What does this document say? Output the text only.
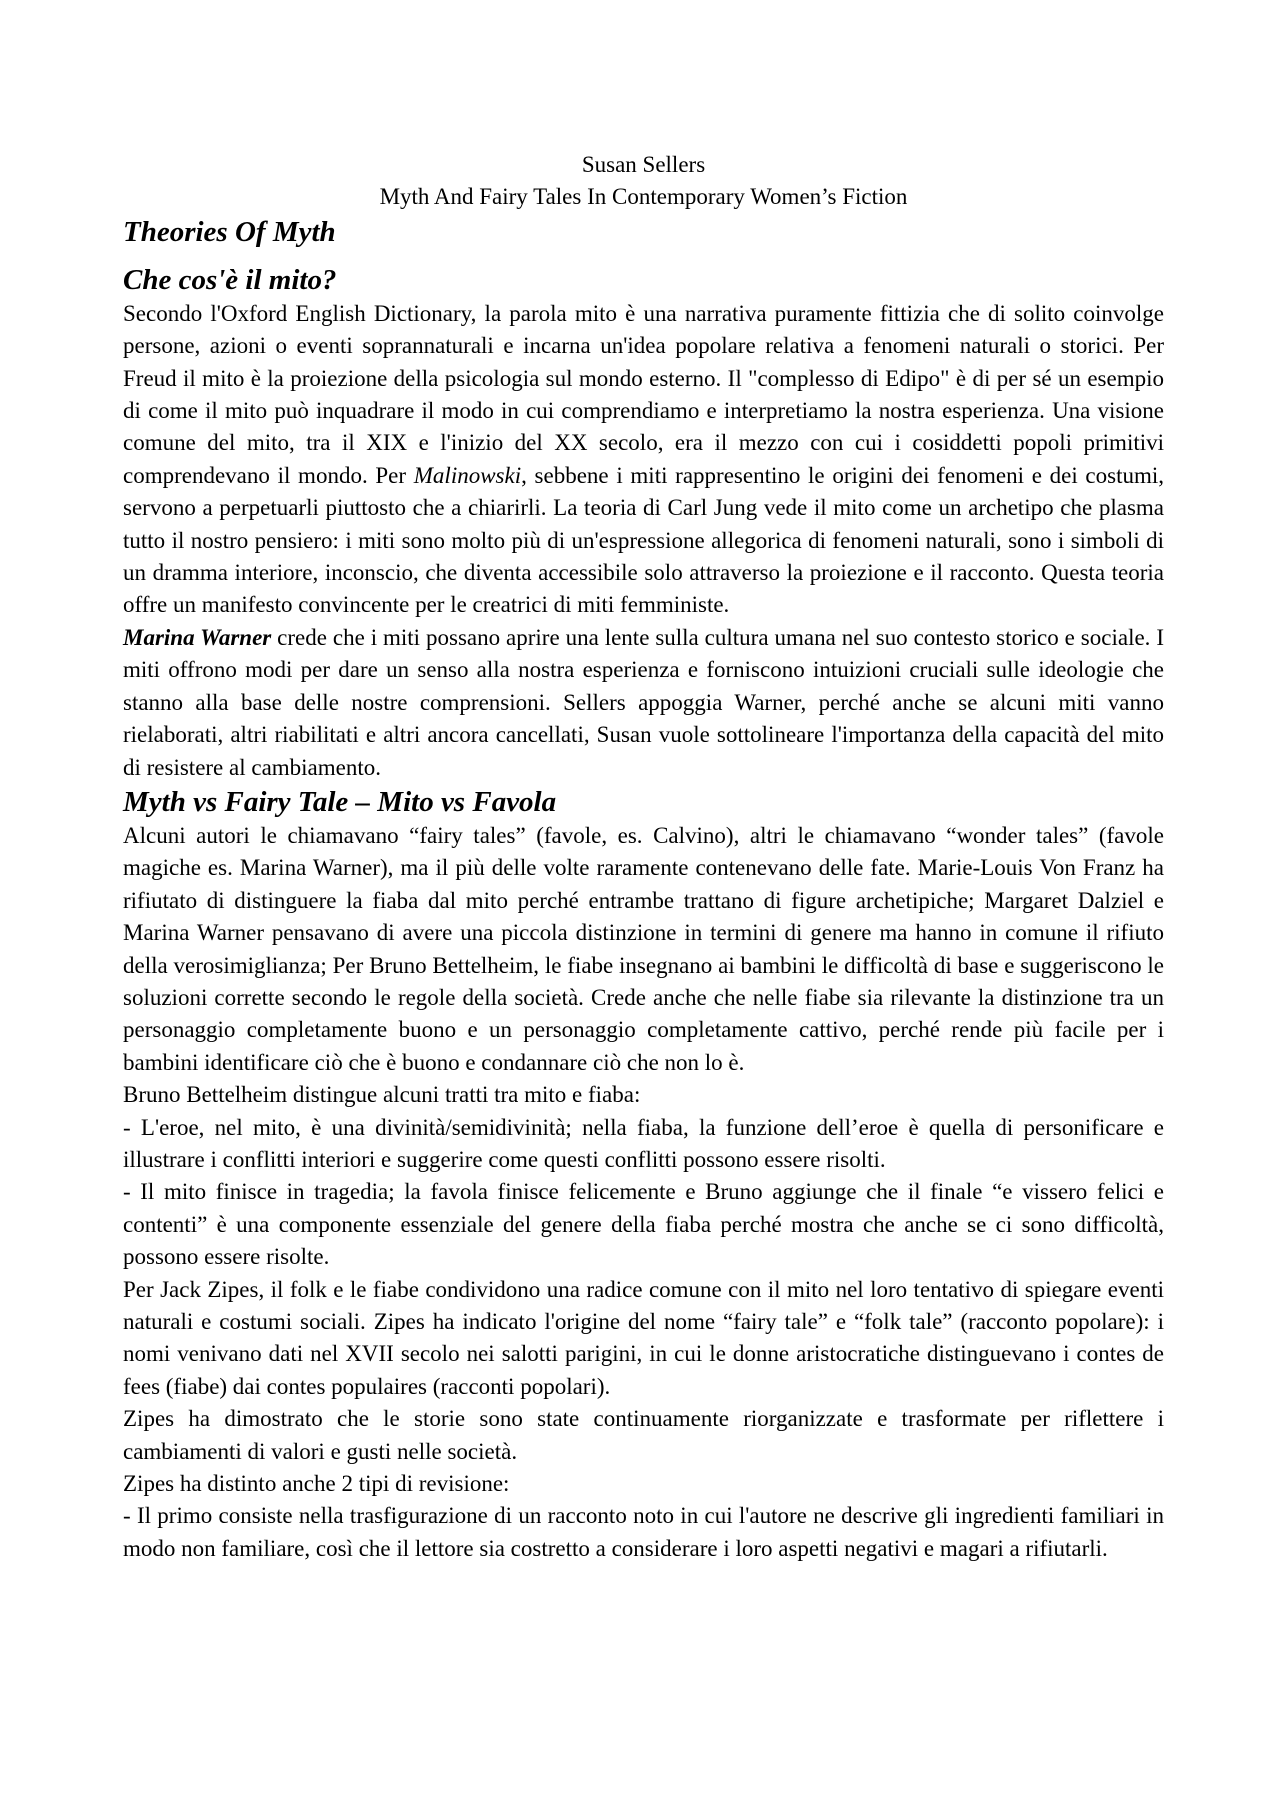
Susan Sellers
Myth And Fairy Tales In Contemporary Women’s Fiction
Theories Of Myth
Che cos'è il mito?

Secondo l'Oxford English Dictionary, la parola mito è una narrativa puramente fittizia che di solito coinvolge persone, azioni o eventi soprannaturali e incarna un'idea popolare relativa a fenomeni naturali o storici. Per Freud il mito è la proiezione della psicologia sul mondo esterno. Il "complesso di Edipo" è di per sé un esempio di come il mito può inquadrare il modo in cui comprendiamo e interpretiamo la nostra esperienza. Una visione comune del mito, tra il XIX e l'inizio del XX secolo, era il mezzo con cui i cosiddetti popoli primitivi comprendevano il mondo. Per Malinowski, sebbene i miti rappresentino le origini dei fenomeni e dei costumi, servono a perpetuarli piuttosto che a chiarirli. La teoria di Carl Jung vede il mito come un archetipo che plasma tutto il nostro pensiero: i miti sono molto più di un'espressione allegorica di fenomeni naturali, sono i simboli di un dramma interiore, inconscio, che diventa accessibile solo attraverso la proiezione e il racconto. Questa teoria offre un manifesto convincente per le creatrici di miti femministe.

Marina Warner crede che i miti possano aprire una lente sulla cultura umana nel suo contesto storico e sociale. I miti offrono modi per dare un senso alla nostra esperienza e forniscono intuizioni cruciali sulle ideologie che stanno alla base delle nostre comprensioni. Sellers appoggia Warner, perché anche se alcuni miti vanno rielaborati, altri riabilitati e altri ancora cancellati, Susan vuole sottolineare l'importanza della capacità del mito di resistere al cambiamento.

Myth vs Fairy Tale – Mito vs Favola

Alcuni autori le chiamavano “fairy tales” (favole, es. Calvino), altri le chiamavano “wonder tales” (favole magiche es. Marina Warner), ma il più delle volte raramente contenevano delle fate. Marie-Louis Von Franz ha rifiutato di distinguere la fiaba dal mito perché entrambe trattano di figure archetipiche; Margaret Dalziel e Marina Warner pensavano di avere una piccola distinzione in termini di genere ma hanno in comune il rifiuto della verosimiglianza; Per Bruno Bettelheim, le fiabe insegnano ai bambini le difficoltà di base e suggeriscono le soluzioni corrette secondo le regole della società. Crede anche che nelle fiabe sia rilevante la distinzione tra un personaggio completamente buono e un personaggio completamente cattivo, perché rende più facile per i bambini identificare ciò che è buono e condannare ciò che non lo è.

Bruno Bettelheim distingue alcuni tratti tra mito e fiaba:

- L'eroe, nel mito, è una divinità/semidivinità; nella fiaba, la funzione dell’eroe è quella di personificare e illustrare i conflitti interiori e suggerire come questi conflitti possono essere risolti.

- Il mito finisce in tragedia; la favola finisce felicemente e Bruno aggiunge che il finale “e vissero felici e contenti” è una componente essenziale del genere della fiaba perché mostra che anche se ci sono difficoltà, possono essere risolte.

Per Jack Zipes, il folk e le fiabe condividono una radice comune con il mito nel loro tentativo di spiegare eventi naturali e costumi sociali. Zipes ha indicato l'origine del nome “fairy tale” e “folk tale” (racconto popolare): i nomi venivano dati nel XVII secolo nei salotti parigini, in cui le donne aristocratiche distinguevano i contes de fees (fiabe) dai contes populaires (racconti popolari).

Zipes ha dimostrato che le storie sono state continuamente riorganizzate e trasformate per riflettere i cambiamenti di valori e gusti nelle società.

Zipes ha distinto anche 2 tipi di revisione:

- Il primo consiste nella trasfigurazione di un racconto noto in cui l'autore ne descrive gli ingredienti familiari in modo non familiare, così che il lettore sia costretto a considerare i loro aspetti negativi e magari a rifiutarli.
